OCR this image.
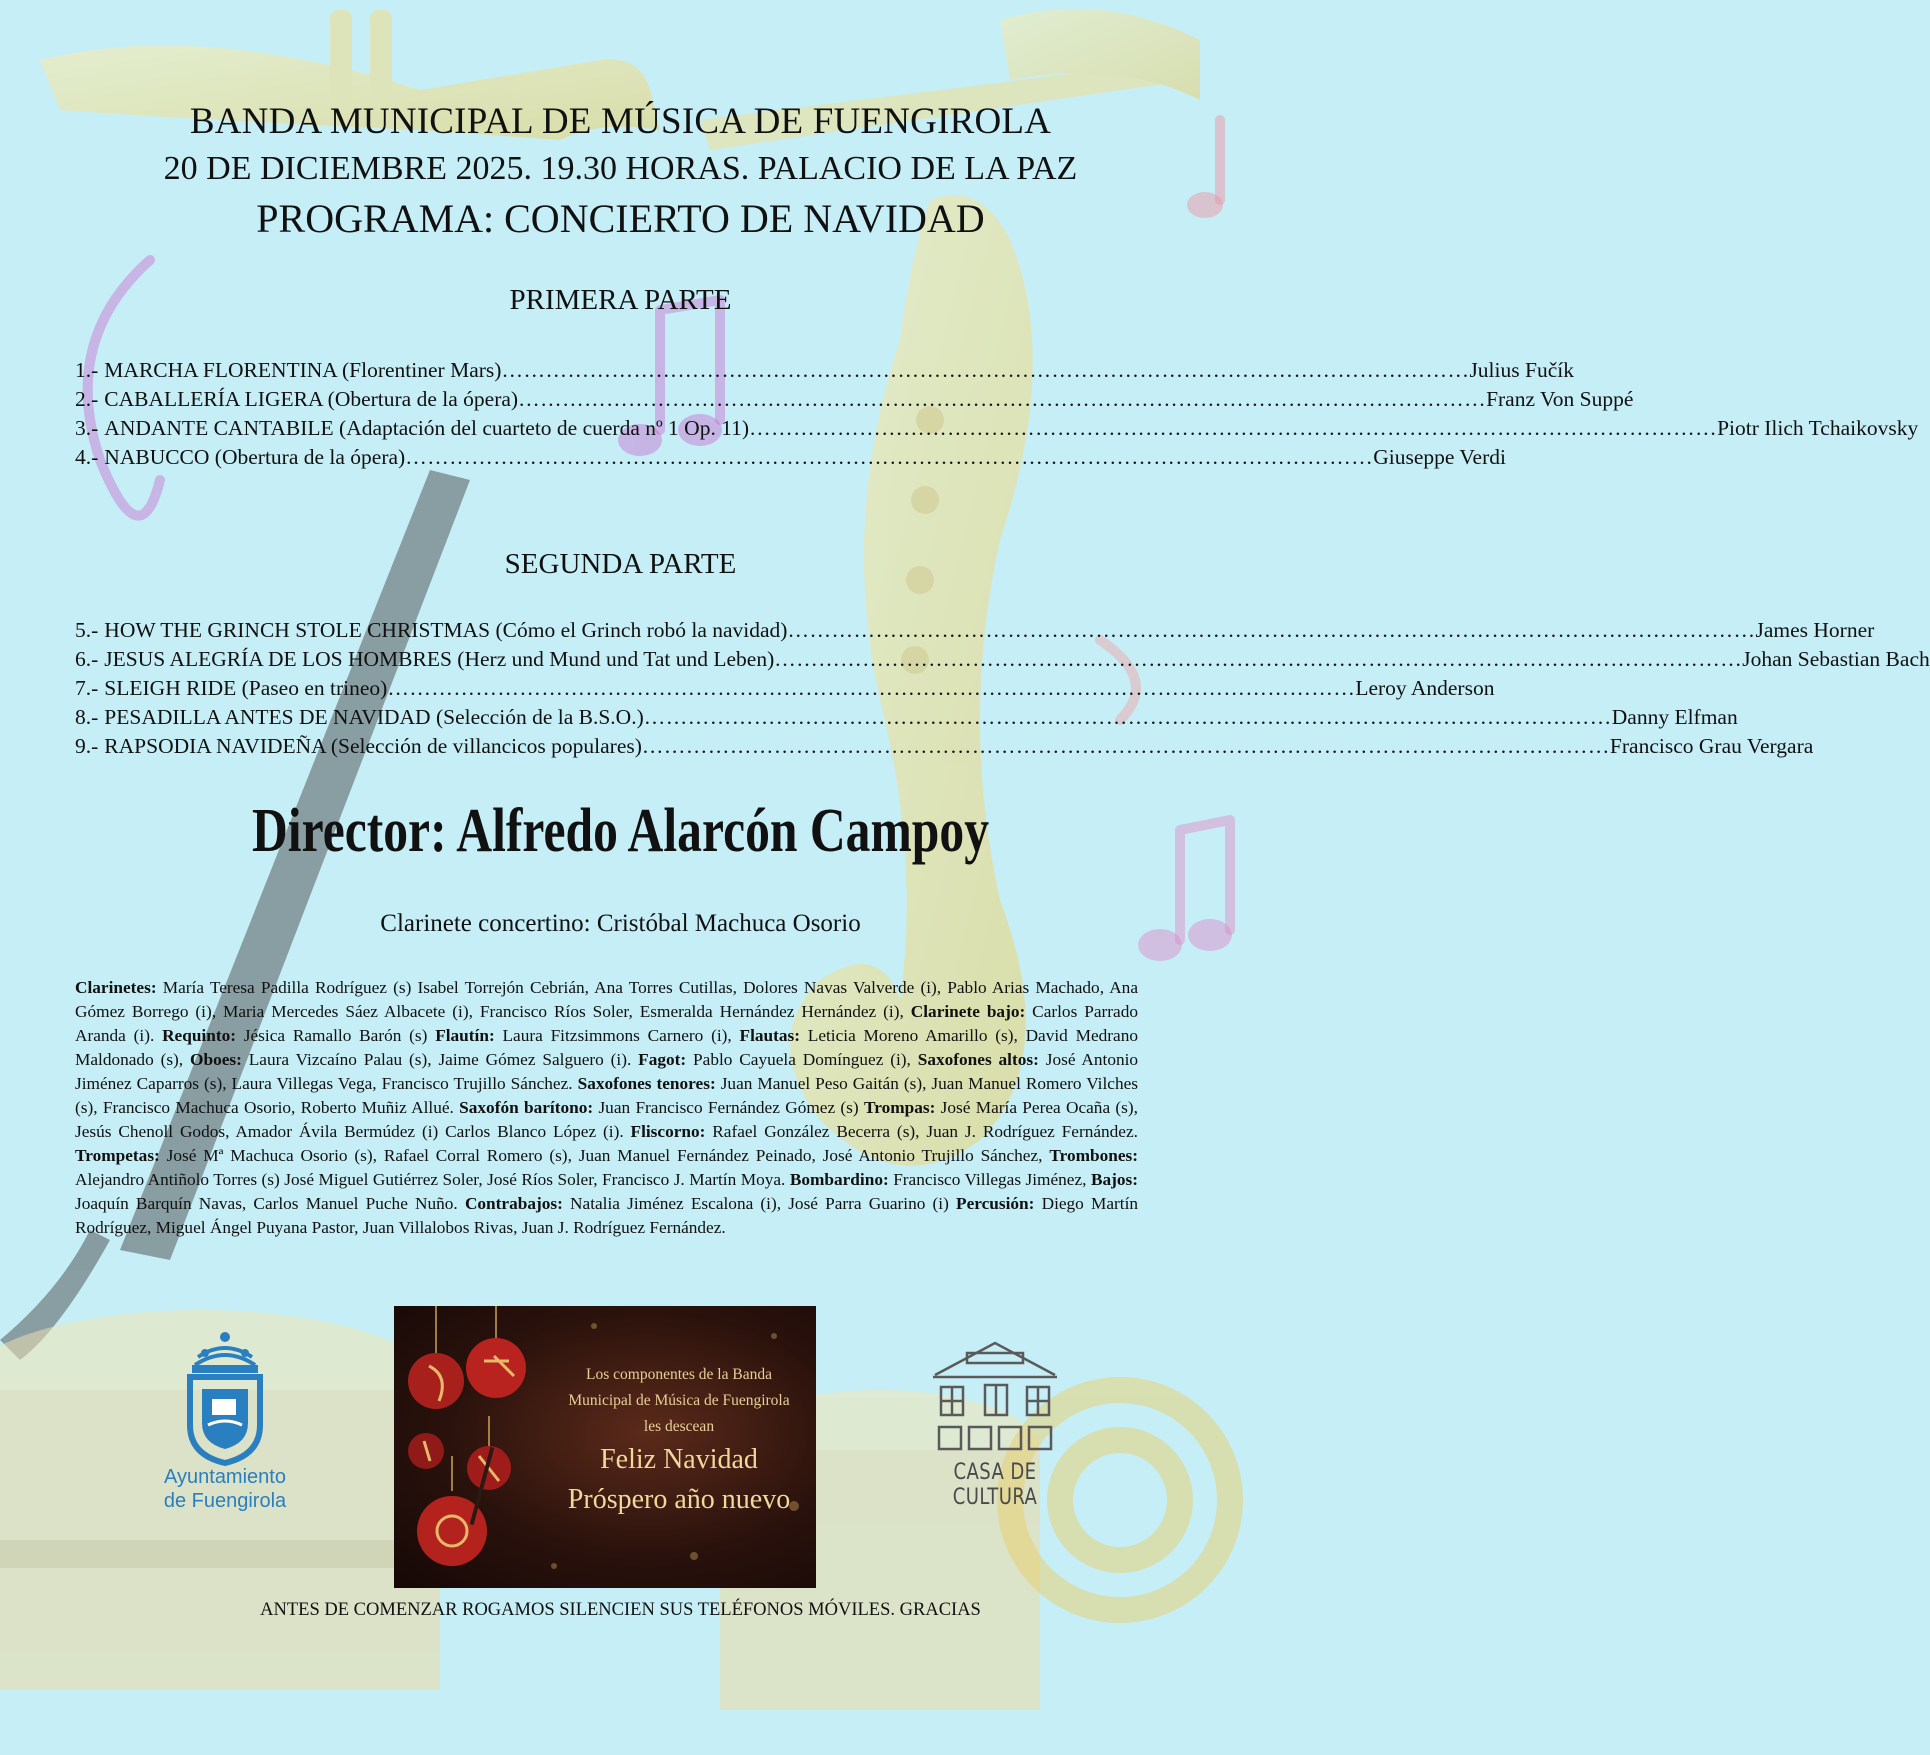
BANDA MUNICIPAL DE MÚSICA DE FUENGIROLA
20 DE DICIEMBRE 2025. 19.30 HORAS. PALACIO DE LA PAZ
PROGRAMA: CONCIERTO DE NAVIDAD
PRIMERA PARTE
1.- MARCHA FLORENTINA (Florentiner Mars) …………………………………………………………………………………………………………………… Julius Fučík
2.- CABALLERÍA LIGERA (Obertura de la ópera) …………………………………………………………………………………………………………………… Franz Von Suppé
3.- ANDANTE CANTABILE (Adaptación del cuarteto de cuerda nº 1 Op. 11) …………………………………………………………………………………………………………………… Piotr Ilich Tchaikovsky
4.- NABUCCO (Obertura de la ópera) …………………………………………………………………………………………………………………… Giuseppe Verdi
SEGUNDA PARTE
5.- HOW THE GRINCH STOLE CHRISTMAS (Cómo el Grinch robó la navidad) …………………………………………………………………………………………………………………… James Horner
6.- JESUS ALEGRÍA DE LOS HOMBRES (Herz und Mund und Tat und Leben) …………………………………………………………………………………………………………………… Johan Sebastian Bach
7.- SLEIGH RIDE (Paseo en trineo) …………………………………………………………………………………………………………………… Leroy Anderson
8.- PESADILLA ANTES DE NAVIDAD (Selección de la B.S.O.) …………………………………………………………………………………………………………………… Danny Elfman
9.- RAPSODIA NAVIDEÑA (Selección de villancicos populares) …………………………………………………………………………………………………………………… Francisco Grau Vergara
Director: Alfredo Alarcón Campoy
Clarinete concertino: Cristóbal Machuca Osorio

Clarinetes: María Teresa Padilla Rodríguez (s) Isabel Torrejón Cebrián, Ana Torres Cutillas, Dolores Navas Valverde (i), Pablo Arias Machado, Ana Gómez Borrego (i), Maria Mercedes Sáez Albacete (i), Francisco Ríos Soler, Esmeralda Hernández Hernández (i), Clarinete bajo: Carlos Parrado Aranda (i). Requinto: Jésica Ramallo Barón (s) Flautín: Laura Fitzsimmons Carnero (i), Flautas: Leticia Moreno Amarillo (s), David Medrano Maldonado (s), Oboes: Laura Vizcaíno Palau (s), Jaime Gómez Salguero (i). Fagot: Pablo Cayuela Domínguez (i), Saxofones altos: José Antonio Jiménez Caparros (s), Laura Villegas Vega, Francisco Trujillo Sánchez. Saxofones tenores: Juan Manuel Peso Gaitán (s), Juan Manuel Romero Vilches (s), Francisco Machuca Osorio, Roberto Muñiz Allué. Saxofón barítono: Juan Francisco Fernández Gómez (s) Trompas: José María Perea Ocaña (s), Jesús Chenoll Godos, Amador Ávila Bermúdez (i) Carlos Blanco López (i). Fliscorno: Rafael González Becerra (s), Juan J. Rodríguez Fernández. Trompetas: José Mª Machuca Osorio (s), Rafael Corral Romero (s), Juan Manuel Fernández Peinado, José Antonio Trujillo Sánchez, Trombones: Alejandro Antiñolo Torres (s) José Miguel Gutiérrez Soler, José Ríos Soler, Francisco J. Martín Moya. Bombardino: Francisco Villegas Jiménez, Bajos: Joaquín Barquín Navas, Carlos Manuel Puche Nuño. Contrabajos: Natalia Jiménez Escalona (i), José Parra Guarino (i) Percusión: Diego Martín Rodríguez, Miguel Ángel Puyana Pastor, Juan Villalobos Rivas, Juan J. Rodríguez Fernández.

Ayuntamiento
de Fuengirola
Los componentes de la Banda
Municipal de Música de Fuengirola
les descean
Feliz Navidad
Próspero año nuevo
CASA DE CULTURA
ANTES DE COMENZAR ROGAMOS SILENCIEN SUS TELÉFONOS MÓVILES. GRACIAS
